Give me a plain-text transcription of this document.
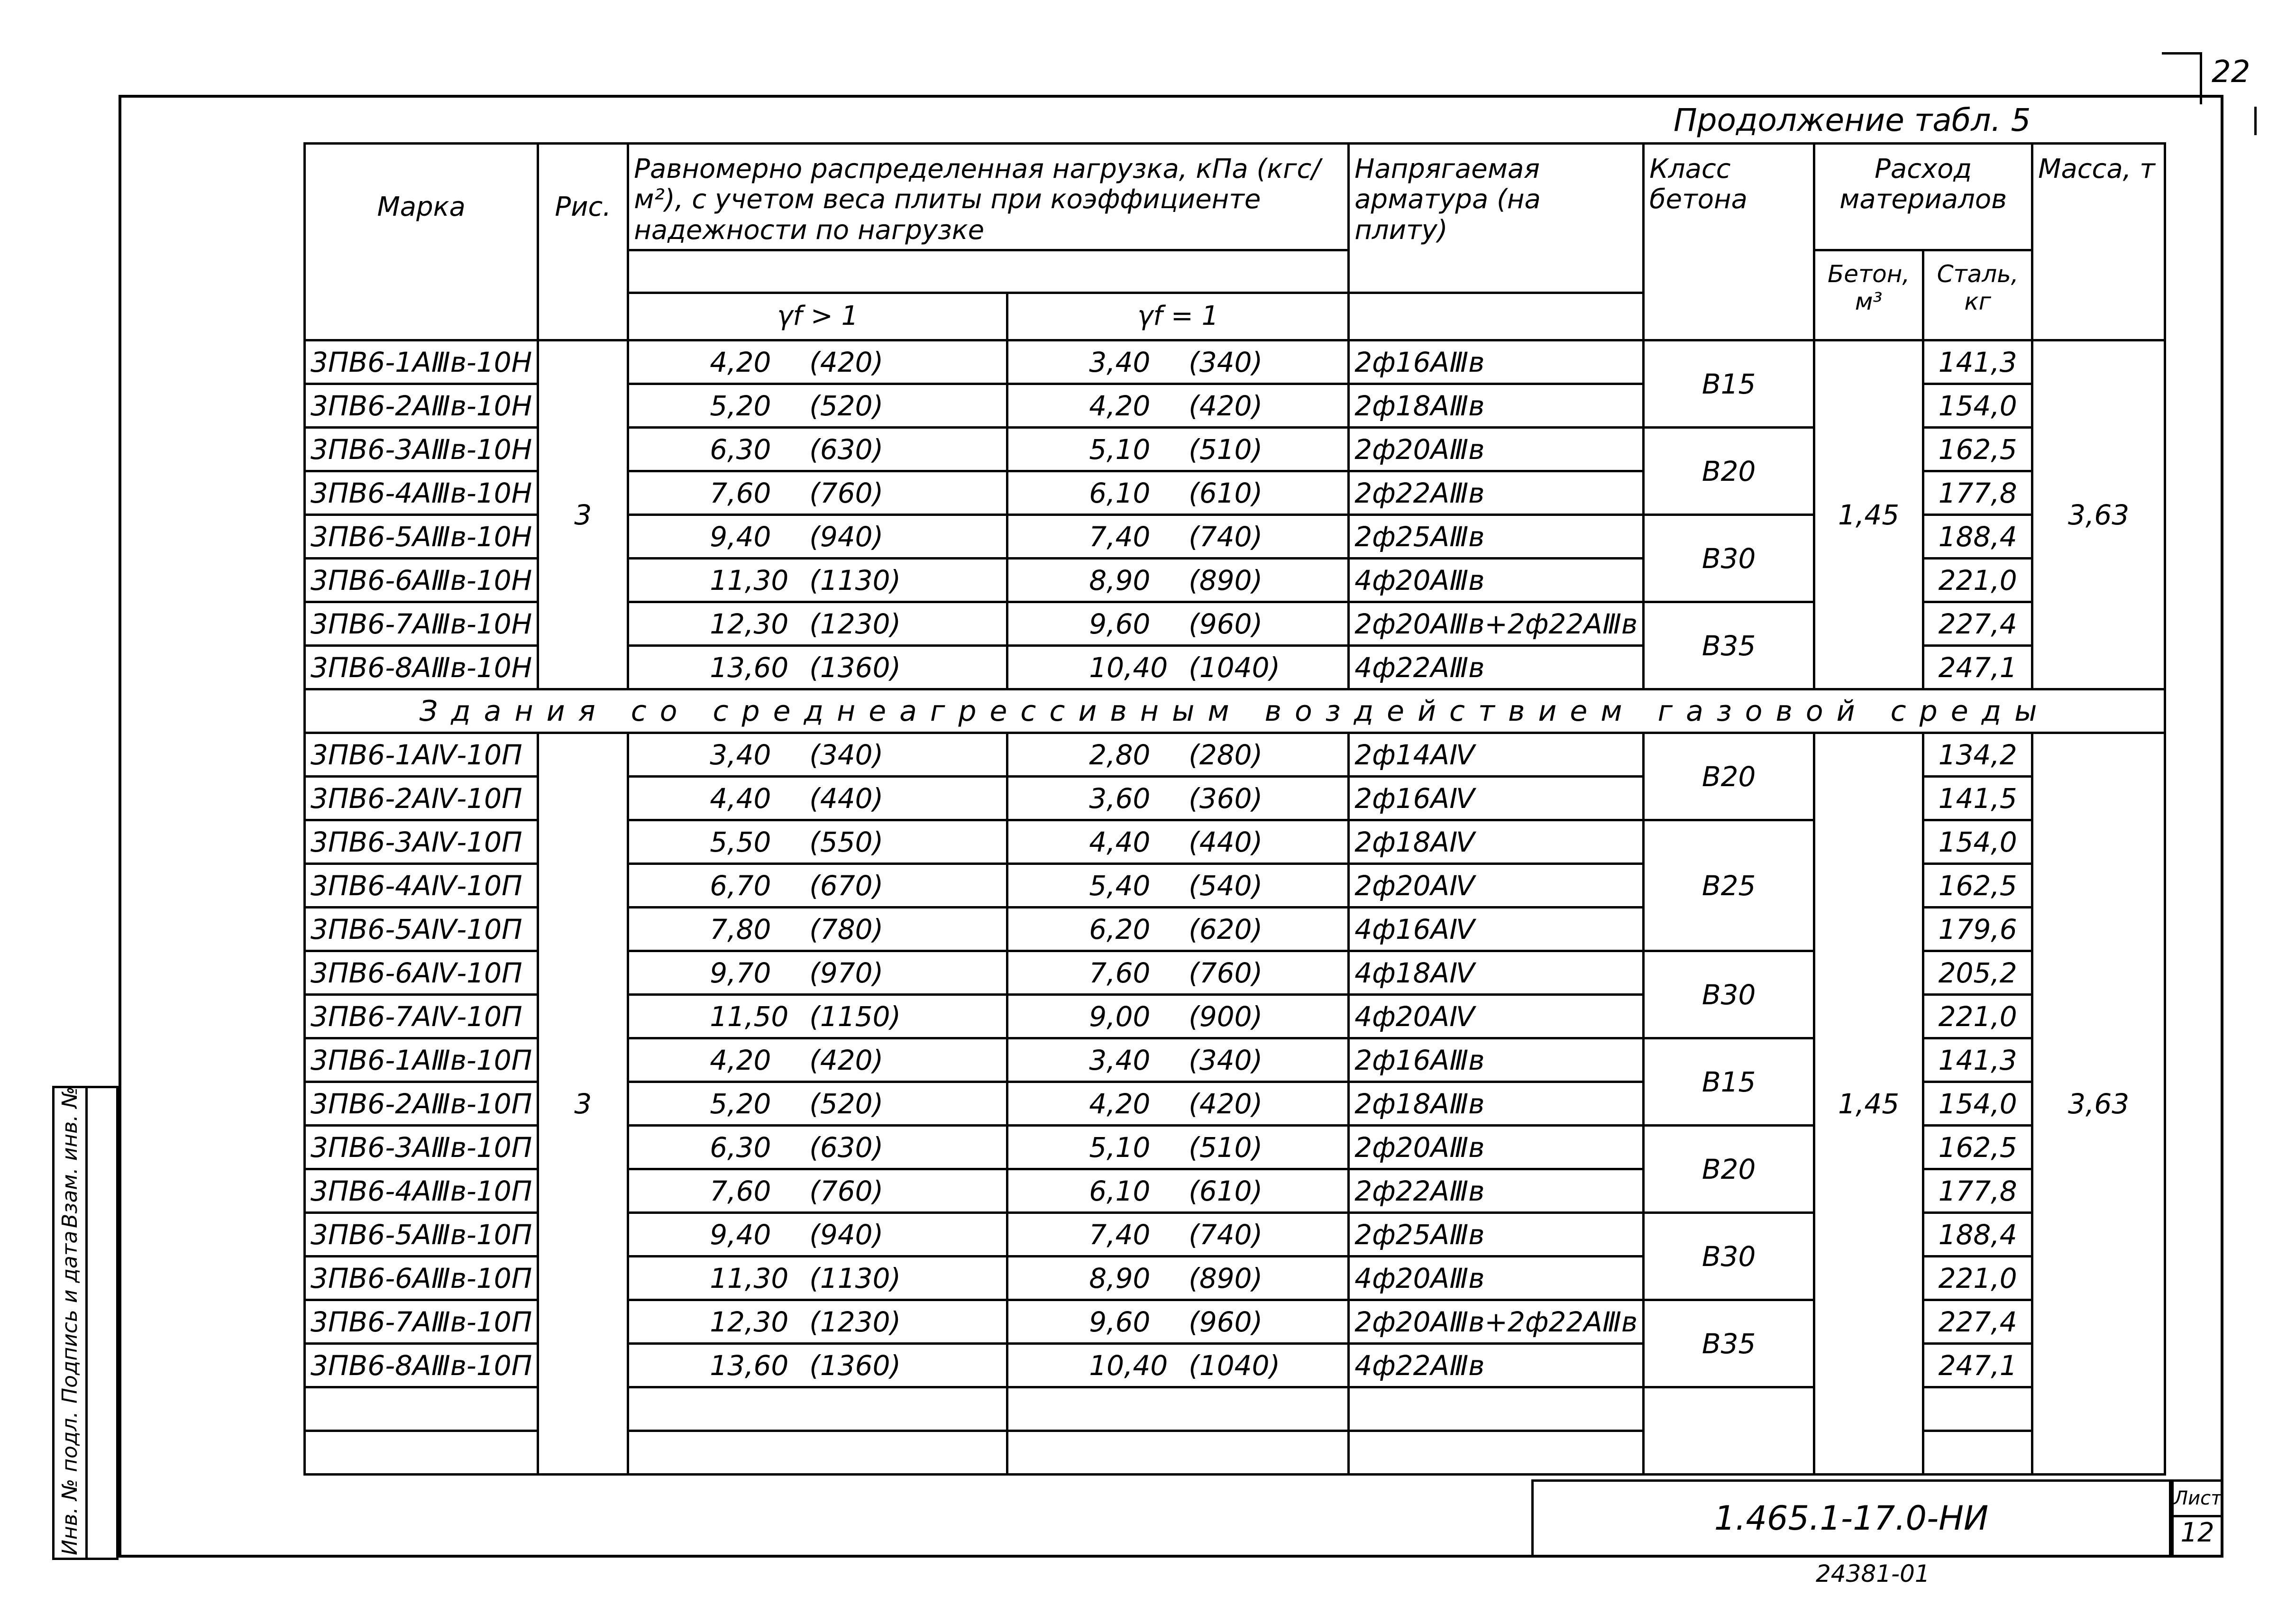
22
Продолжение табл. 5
Марка	Рис.	Равномерно распределенная нагрузка, кПа (кгс/м²), с учетом веса плиты при коэффициенте надежности по нагрузке		Напрягаемая арматура (на плиту)	Класс бетона	Расход материалов		Масса, т
						Бетон, м³	Сталь, кг	
		γf > 1	γf = 1					
3ПВ6-1АⅢв-10Н	3	4,20 (420)	3,40 (340)	2ф16АⅢв	В15	1,45	141,3	3,63
3ПВ6-2АⅢв-10Н		5,20 (520)	4,20 (420)	2ф18АⅢв			154,0	
3ПВ6-3АⅢв-10Н		6,30 (630)	5,10 (510)	2ф20АⅢв	В20		162,5	
3ПВ6-4АⅢв-10Н		7,60 (760)	6,10 (610)	2ф22АⅢв			177,8	
3ПВ6-5АⅢв-10Н		9,40 (940)	7,40 (740)	2ф25АⅢв	В30		188,4	
3ПВ6-6АⅢв-10Н		11,30 (1130)	8,90 (890)	4ф20АⅢв			221,0	
3ПВ6-7АⅢв-10Н		12,30 (1230)	9,60 (960)	2ф20АⅢв+2ф22АⅢв	В35		227,4	
3ПВ6-8АⅢв-10Н		13,60 (1360)	10,40 (1040)	4ф22АⅢв			247,1	
Здания со среднеагрессивным воздействием газовой среды								
3ПВ6-1АⅣ-10П	3	3,40 (340)	2,80 (280)	2ф14АⅣ	В20	1,45	134,2	3,63
3ПВ6-2АⅣ-10П		4,40 (440)	3,60 (360)	2ф16АⅣ			141,5	
3ПВ6-3АⅣ-10П		5,50 (550)	4,40 (440)	2ф18АⅣ	В25		154,0	
3ПВ6-4АⅣ-10П		6,70 (670)	5,40 (540)	2ф20АⅣ			162,5	
3ПВ6-5АⅣ-10П		7,80 (780)	6,20 (620)	4ф16АⅣ			179,6	
3ПВ6-6АⅣ-10П		9,70 (970)	7,60 (760)	4ф18АⅣ	В30		205,2	
3ПВ6-7АⅣ-10П		11,50 (1150)	9,00 (900)	4ф20АⅣ			221,0	
3ПВ6-1АⅢв-10П		4,20 (420)	3,40 (340)	2ф16АⅢв	В15		141,3	
3ПВ6-2АⅢв-10П		5,20 (520)	4,20 (420)	2ф18АⅢв			154,0	
3ПВ6-3АⅢв-10П		6,30 (630)	5,10 (510)	2ф20АⅢв	В20		162,5	
3ПВ6-4АⅢв-10П		7,60 (760)	6,10 (610)	2ф22АⅢв			177,8	
3ПВ6-5АⅢв-10П		9,40 (940)	7,40 (740)	2ф25АⅢв	В30		188,4	
3ПВ6-6АⅢв-10П		11,30 (1130)	8,90 (890)	4ф20АⅢв			221,0	
3ПВ6-7АⅢв-10П		12,30 (1230)	9,60 (960)	2ф20АⅢв+2ф22АⅢв	В35		227,4	
3ПВ6-8АⅢв-10П		13,60 (1360)	10,40 (1040)	4ф22АⅢв			247,1	

Инв. № подл.
Подпись и дата
Взам. инв. №
1.465.1-17.0-НИ
Лист
12
24381-01
